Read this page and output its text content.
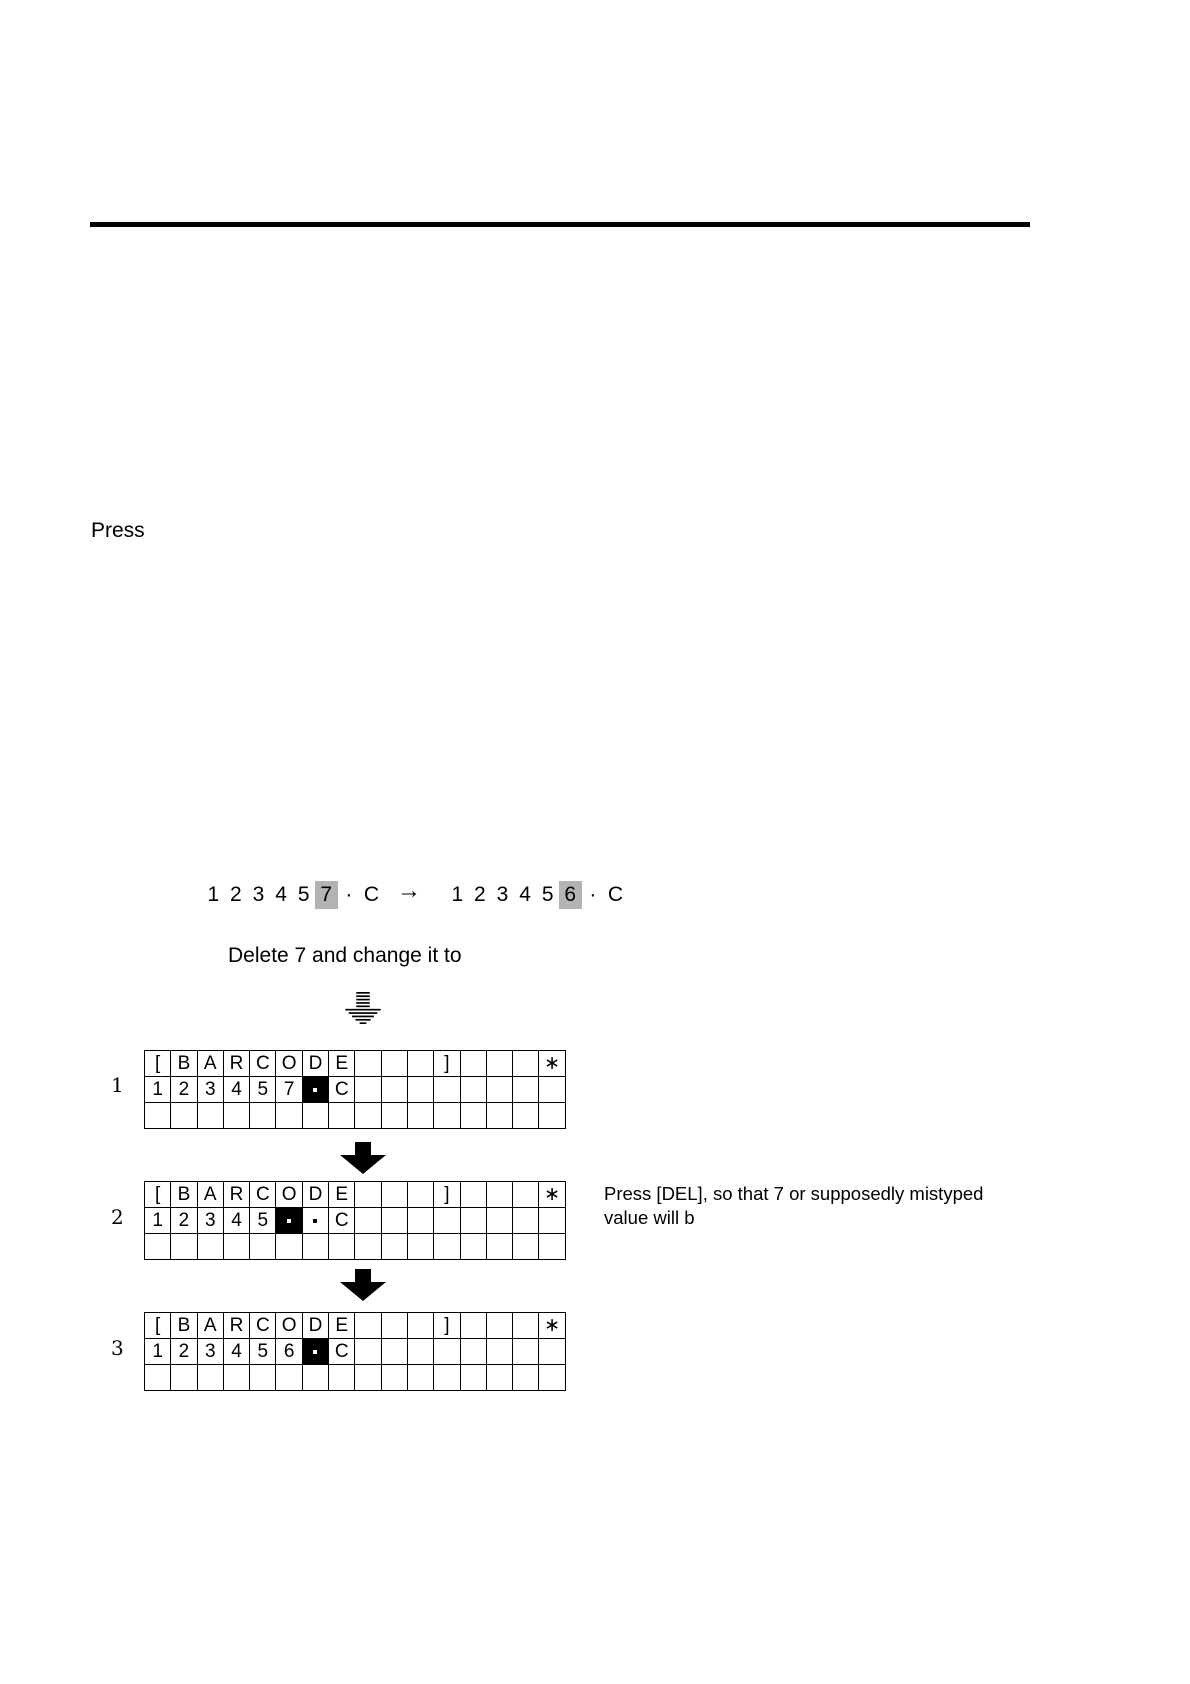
Press
1 2 3 4 5 7 · C → 1 2 3 4 5 6 · C
Delete 7 and change it to
1
[	B	A	R	C	O	D	E				]				∗
1	2	3	4	5	7		C								

2
[	B	A	R	C	O	D	E				]				∗
1	2	3	4	5			C								

Press [DEL], so that 7 or supposedly mistyped value will b
3
[	B	A	R	C	O	D	E				]				∗
1	2	3	4	5	6		C								
